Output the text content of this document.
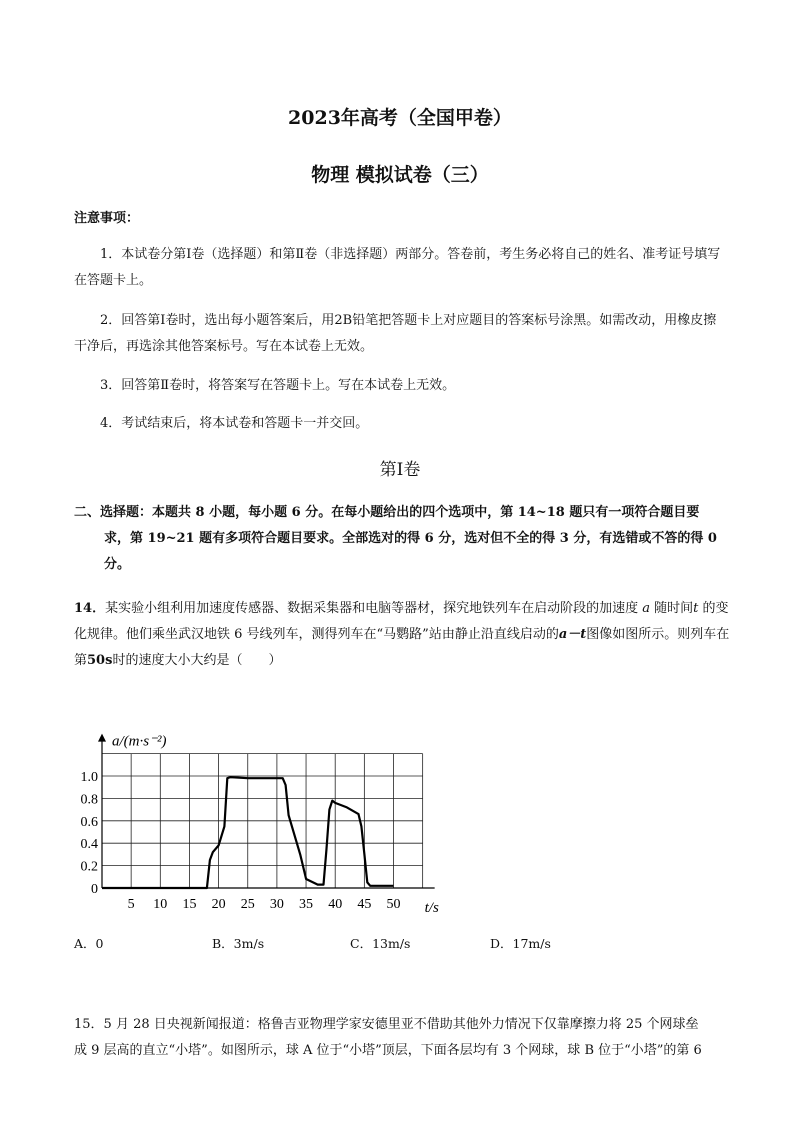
2023年高考（全国甲卷）
物理 模拟试卷（三）
注意事项：
1．本试卷分第Ⅰ卷（选择题）和第Ⅱ卷（非选择题）两部分。答卷前，考生务必将自己的姓名、准考证号填写在答题卡上。
2．回答第Ⅰ卷时，选出每小题答案后，用2B铅笔把答题卡上对应题目的答案标号涂黑。如需改动，用橡皮擦干净后，再选涂其他答案标号。写在本试卷上无效。
3．回答第Ⅱ卷时，将答案写在答题卡上。写在本试卷上无效。
4．考试结束后，将本试卷和答题卡一并交回。
第Ⅰ卷
二、选择题：本题共 8 小题，每小题 6 分。在每小题给出的四个选项中，第 14~18 题只有一项符合题目要
求，第 19~21 题有多项符合题目要求。全部选对的得 6 分，选对但不全的得 3 分，有选错或不答的得 0
分。
14．某实验小组利用加速度传感器、数据采集器和电脑等器材，探究地铁列车在启动阶段的加速度 a 随时间t 的变化规律。他们乘坐武汉地铁 6 号线列车，测得列车在“马鹦路”站由静止沿直线启动的a－t图像如图所示。则列车在第50s时的速度大小大约是（　　）
0
0.2
0.4
0.6
0.8
1.0
5 10 15 20 25 30 35 40 45 50
a/(m·s⁻²)
t/s
A．0	B．3m/s	C．13m/s	D．17m/s
15．5 月 28 日央视新闻报道：格鲁吉亚物理学家安德里亚不借助其他外力情况下仅靠摩擦力将 25 个网球垒
成 9 层高的直立“小塔”。如图所示，球 A 位于“小塔”顶层，下面各层均有 3 个网球，球 B 位于“小塔”的第 6
